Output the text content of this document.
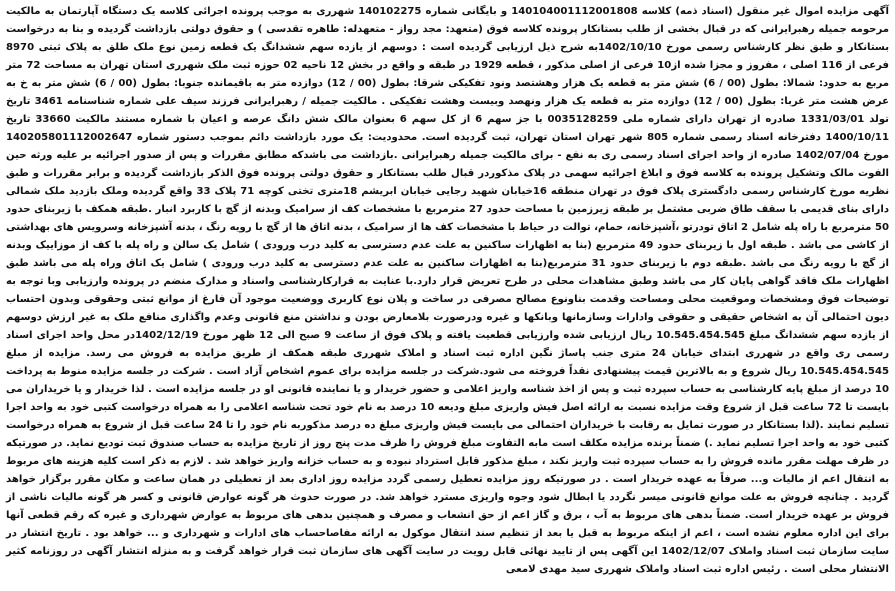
آگهی مزایده اموال غیر منقول (اسناد ذمه) کلاسه 140104001112001808 و بایگانی شماره 140102275 شهرری به موجب پرونده اجرائی کلاسه یک دستگاه آپارتمان به مالکیت مرحومه جمیله رهبرایرانی که در قبال بخشی از طلب بستانکار پرونده کلاسه فوق (متعهد: مجد رواز - متعهدله: طاهره تقدسی ) و حقوق دولتی بازداشت گردیده و بنا به درخواست بستانکار و طبق نظر کارشناس رسمی مورخ 1402/10/10به شرح ذیل ارزیابی گردیده است : دوسهم از یازده سهم ششدانگ یک قطعه زمین نوع ملک طلق به پلاک ثبتی 8970 فرعی از 116 اصلی ، مفروز و مجزا شده از10 فرعی از اصلی مذکور ، قطعه 1929 در طبقه و واقع در بخش 12 ناحیه 02 حوزه ثبت ملک شهرری استان تهران به مساحت 72 متر مربع به حدود: شمالا: بطول (00 / 6) شش متر به قطعه یک هزار وهشتصد ونود تفکیکی شرقا: بطول (00 / 12) دوازده متر به باقیمانده جنوبا: بطول (00 / 6) شش متر به خ به عرض هشت متر غربا: بطول (00 / 12) دوازده متر به قطعه یک هزار ونهصد وبیست وهشت تفکیکی . مالکیت جمیله / رهبرایرانی فرزند سیف علی شماره شناسنامه 3461 تاریخ تولد 1331/03/01 صادره از تهران دارای شماره ملی 0035128259 با جز سهم 6 از کل سهم 6 بعنوان مالک شش دانگ عرصه و اعیان با شماره مستند مالکیت 33660 تاریخ 1400/10/11 دفترخانه اسناد رسمی شماره 805 شهر تهران استان تهران، ثبت گردیده است. محدودیت: یک مورد بازداشت دائم بموجب دستور شماره 140205801112002647 مورخ 1402/07/04 صادره از واحد اجرای اسناد رسمی ری به نفع - برای مالکیت جمیله رهبرایرانی .بازداشت می باشدکه مطابق مقررات و پس از صدور اجرائیه بر علیه ورثه حین الفوت مالک وتشکیل پرونده به کلاسه فوق و ابلاغ اجرائیه سهمی در پلاک مذکوردر قبال طلب بستانکار و حقوق دولتی پرونده فوق الذکر بازداشت گردیده و برابر مقررات و طبق نظریه مورخ کارشناس رسمی دادگستری پلاک فوق در تهران منطقه 16خیابان شهید رجایی خیابان ابریشم 18متری تختی کوچه 71 پلاک 33 واقع گردیده وملک بازدید ملک شمالی دارای بنای قدیمی با سقف طاق ضربی مشتمل بر طبقه زیرزمین با مساحت حدود 27 مترمربع با مشخصات کف از سرامیک وبدنه از گچ با کاربرد انبار .طبقه همکف با زیربنای حدود 50 مترمربع با راه پله شامل 2 اتاق تودرتو ،آشپزخانه، حمام، توالت در حیاط با مشخصات کف ها از سرامیک ، بدنه اتاق ها از گچ با رویه رنگ ، بدنه آشپزخانه وسرویس های بهداشتی از کاشی می باشد . طبقه اول با زیربنای حدود 49 مترمربع (بنا به اظهارات ساکنین به علت عدم دسترسی به کلید درب ورودی ) شامل یک سالن و راه پله با کف از موزاییک وبدنه از گچ با رویه رنگ می باشد .طبقه دوم با زیربنای حدود 31 مترمربع(بنا به اظهارات ساکنین به علت عدم دسترسی به کلید درب ورودی ) شامل یک اتاق وراه پله می باشد طبق اظهارات ملک فاقد گواهی پایان کار می باشد وطبق مشاهدات محلی در طرح تعریض قرار دارد.با عنایت به قرارکارشناسی واسناد و مدارک منضم در پرونده وارزیابی وبا توجه به توضیحات فوق ومشخصات وموقعیت محلی ومساحت وقدمت بناونوع مصالح مصرفی در ساخت و پلان نوع کاربری ووضعیت موجود آن فارغ از موانع ثبتی وحقوقی وبدون احتساب دیون احتمالی آن به اشخاص حقیقی و حقوقی وادارات وسازمانها وبانکها و غیره ودرصورت بلامعارض بودن و نداشتن منع قانونی وعدم واگذاری منافع ملک به غیر ارزش دوسهم از یازده سهم ششدانگ مبلغ 10.545.454.545 ریال ارزیابی شده وارزیابی قطعیت یافته و پلاک فوق از ساعت 9 صبح الی 12 ظهر مورخ 1402/12/19در محل واحد اجرای اسناد رسمی ری واقع در شهرری ابتدای خیابان 24 متری جنب پاساژ نگین اداره ثبت اسناد و املاک شهرری طبقه همکف از طریق مزایده به فروش می رسد. مزایده از مبلغ 10.545.454.545 ریال شروع و به بالاترین قیمت پیشنهادی نقداً فروخته می شود.شرکت در جلسه مزایده برای عموم اشخاص آزاد است . شرکت در جلسه مزایده منوط به پرداخت 10 درصد از مبلغ پایه کارشناسی به حساب سپرده ثبت و پس از اخذ شناسه واریز اعلامی و حضور خریدار و یا نماینده قانونی او در جلسه مزایده است . لذا خریدار و یا خریداران می بایست تا 72 ساعت قبل از شروع وقت مزایده نسبت به ارائه اصل فیش واریزی مبلغ ودیعه 10 درصد به نام خود تحت شناسه اعلامی را به همراه درخواست کتبی خود به واحد اجرا تسلیم نمایند .(لذا بستانکار در صورت تمایل به رقابت با خریداران احتمالی می بایست فیش واریزی مبلغ ده درصد مذکوربه نام خود را تا 24 ساعت قبل از شروع به همراه درخواست کتبی خود به واحد اجرا تسلیم نماید .) ضمناً برنده مزایده مکلف است مابه التفاوت مبلغ فروش را ظرف مدت پنج روز از تاریخ مزایده به حساب صندوق ثبت تودیع نماید. در صورتیکه در ظرف مهلت مقرر مانده فروش را به حساب سپرده ثبت واریز نکند ، مبلغ مذکور قابل استرداد نبوده و به حساب خزانه واریز خواهد شد . لازم به ذکر است کلیه هزینه های مربوط به انتقال اعم از مالیات و... صرفاً به عهده خریدار است . در صورتیکه روز مزایده تعطیل رسمی گردد مزایده روز اداری بعد از تعطیلی در همان ساعت و مکان مقرر برگزار خواهد گردید . چنانچه فروش به علت موانع قانونی میسر نگردد یا ابطال شود وجوه واریزی مسترد خواهد شد. در صورت حدوث هر گونه عوارض قانونی و کسر هر گونه مالیات ناشی از فروش بر عهده خریدار است. ضمناً بدهی های مربوط به آب ، برق و گاز اعم از حق انشعاب و مصرف و همچنین بدهی های مربوط به عوارض شهرداری و غیره که رقم قطعی آنها برای این اداره معلوم نشده است ، اعم از اینکه مربوط به قبل یا بعد از تنظیم سند انتقال موکول به ارائه مفاصاحساب های ادارات و شهرداری و ... خواهد بود . تاریخ انتشار در سایت سازمان ثبت اسناد واملاک 1402/12/07 این آگهی پس از تایید نهائی قابل رویت در سایت آگهی های سازمان ثبت قرار خواهد گرفت و به منزله انتشار آگهی در روزنامه کثیر الانتشار محلی است . رئیس اداره ثبت اسناد واملاک شهرری سید مهدی لامعی
